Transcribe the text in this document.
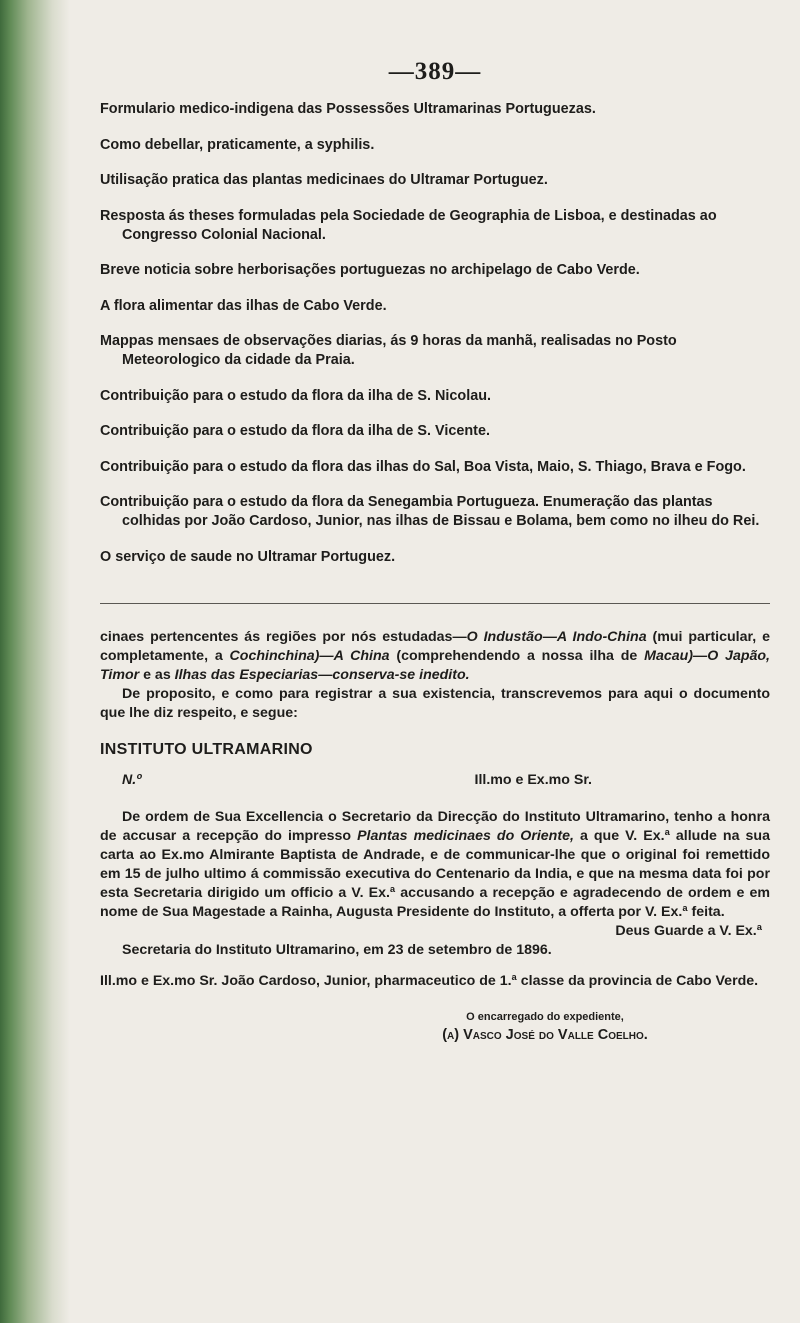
—389—
Formulario medico-indigena das Possessões Ultramarinas Portuguezas.
Como debellar, praticamente, a syphilis.
Utilisação pratica das plantas medicinaes do Ultramar Portuguez.
Resposta ás theses formuladas pela Sociedade de Geographia de Lisboa, e destinadas ao Congresso Colonial Nacional.
Breve noticia sobre herborisações portuguezas no archipelago de Cabo Verde.
A flora alimentar das ilhas de Cabo Verde.
Mappas mensaes de observações diarias, ás 9 horas da manhã, realisadas no Posto Meteorologico da cidade da Praia.
Contribuição para o estudo da flora da ilha de S. Nicolau.
Contribuição para o estudo da flora da ilha de S. Vicente.
Contribuição para o estudo da flora das ilhas do Sal, Boa Vista, Maio, S. Thiago, Brava e Fogo.
Contribuição para o estudo da flora da Senegambia Portugueza. Enumeração das plantas colhidas por João Cardoso, Junior, nas ilhas de Bissau e Bolama, bem como no ilheu do Rei.
O serviço de saude no Ultramar Portuguez.

cinaes pertencentes ás regiões por nós estudadas—O Industão—A Indo-China (mui particular, e completamente, a Cochinchina)—A China (comprehendendo a nossa ilha de Macau)—O Japão, Timor e as Ilhas das Especiarias—conserva-se inedito.

De proposito, e como para registrar a sua existencia, transcrevemos para aqui o documento que lhe diz respeito, e segue:

INSTITUTO ULTRAMARINO
N.º	Ill.mo e Ex.mo Sr.

De ordem de Sua Excellencia o Secretario da Direcção do Instituto Ultramarino, tenho a honra de accusar a recepção do impresso Plantas medicinaes do Oriente, a que V. Ex.ª allude na sua carta ao Ex.mo Almirante Baptista de Andrade, e de communicar-lhe que o original foi remettido em 15 de julho ultimo á commissão executiva do Centenario da India, e que na mesma data foi por esta Secretaria dirigido um officio a V. Ex.ª accusando a recepção e agradecendo de ordem e em nome de Sua Magestade a Rainha, Augusta Presidente do Instituto, a offerta por V. Ex.ª feita.

Deus Guarde a V. Ex.ª

Secretaria do Instituto Ultramarino, em 23 de setembro de 1896.

Ill.mo e Ex.mo Sr. João Cardoso, Junior, pharmaceutico de 1.ª classe da provincia de Cabo Verde.

O encarregado do expediente,
(a) Vasco José do Valle Coelho.
